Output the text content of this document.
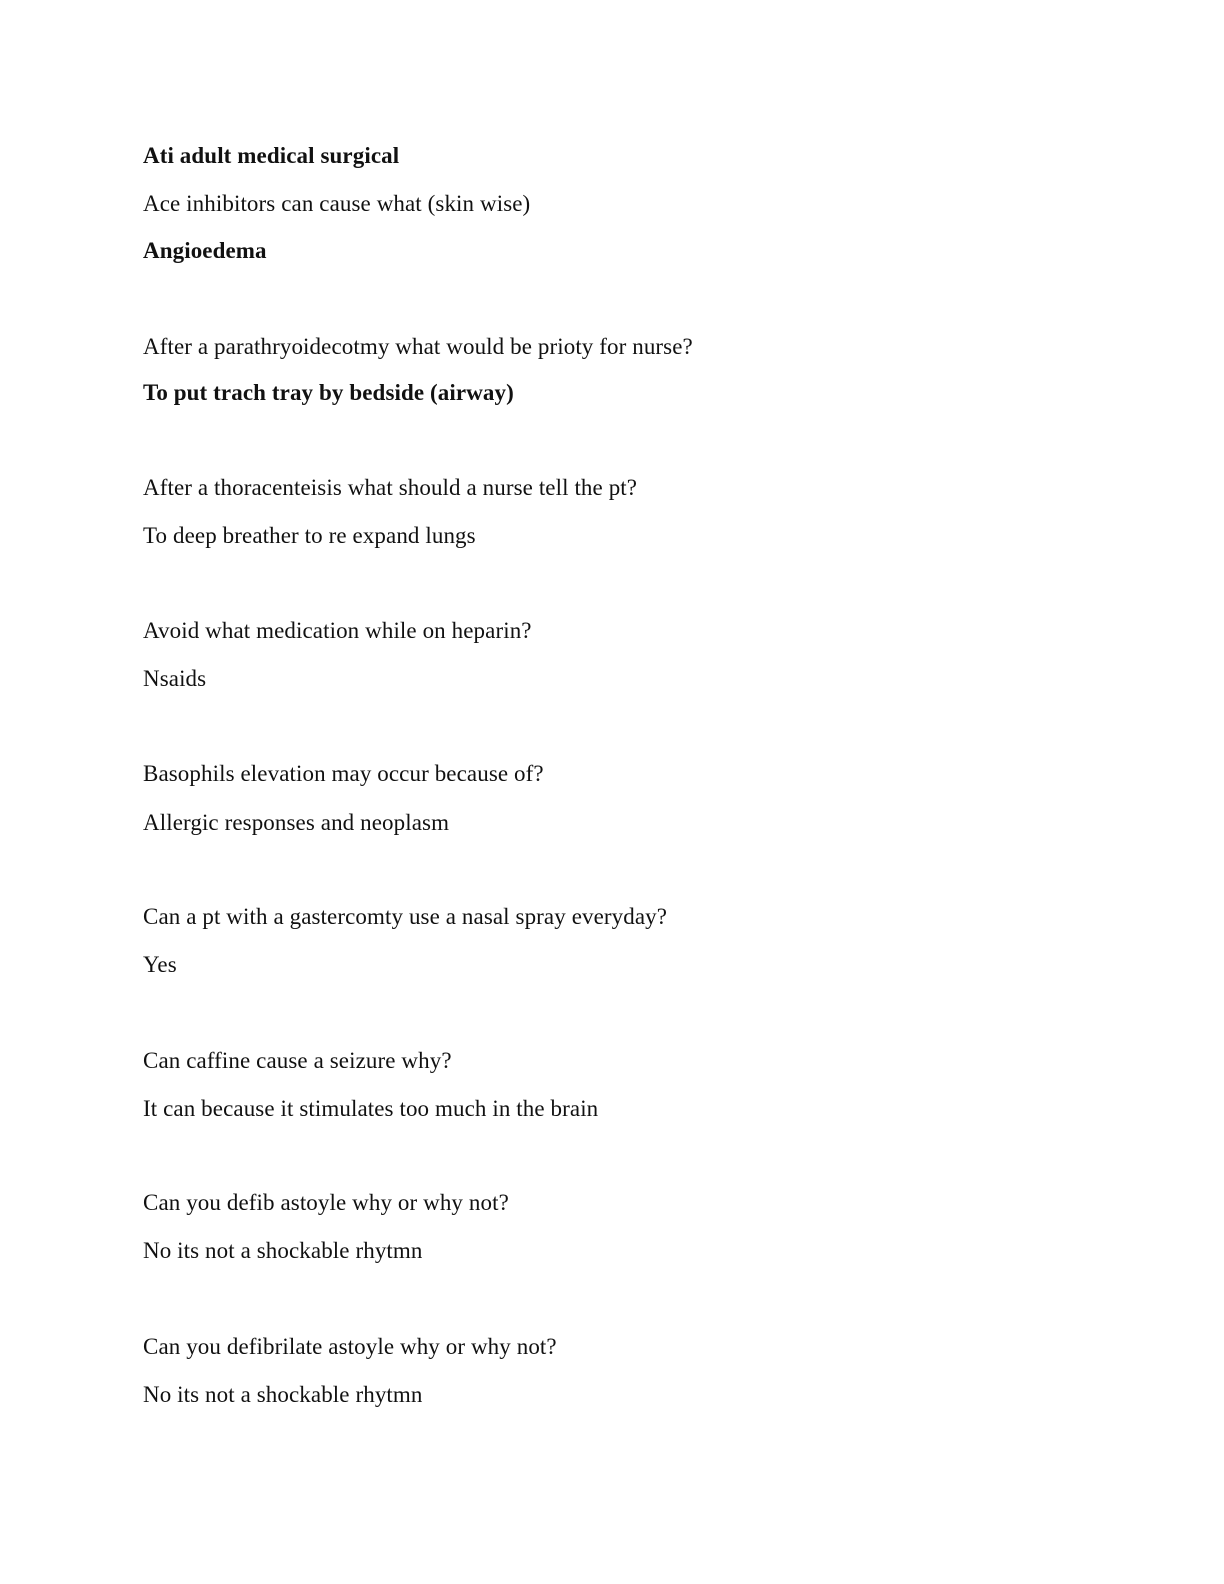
Ati adult medical surgical
Ace inhibitors can cause what (skin wise)
Angioedema
After a parathryoidecotmy what would be prioty for nurse?
To put trach tray by bedside (airway)
After a thoracenteisis what should a nurse tell the pt?
To deep breather to re expand lungs
Avoid what medication while on heparin?
Nsaids
Basophils elevation may occur because of?
Allergic responses and neoplasm
Can a pt with a gastercomty use a nasal spray everyday?
Yes
Can caffine cause a seizure why?
It can because it stimulates too much in the brain
Can you defib astoyle why or why not?
No its not a shockable rhytmn
Can you defibrilate astoyle why or why not?
No its not a shockable rhytmn
